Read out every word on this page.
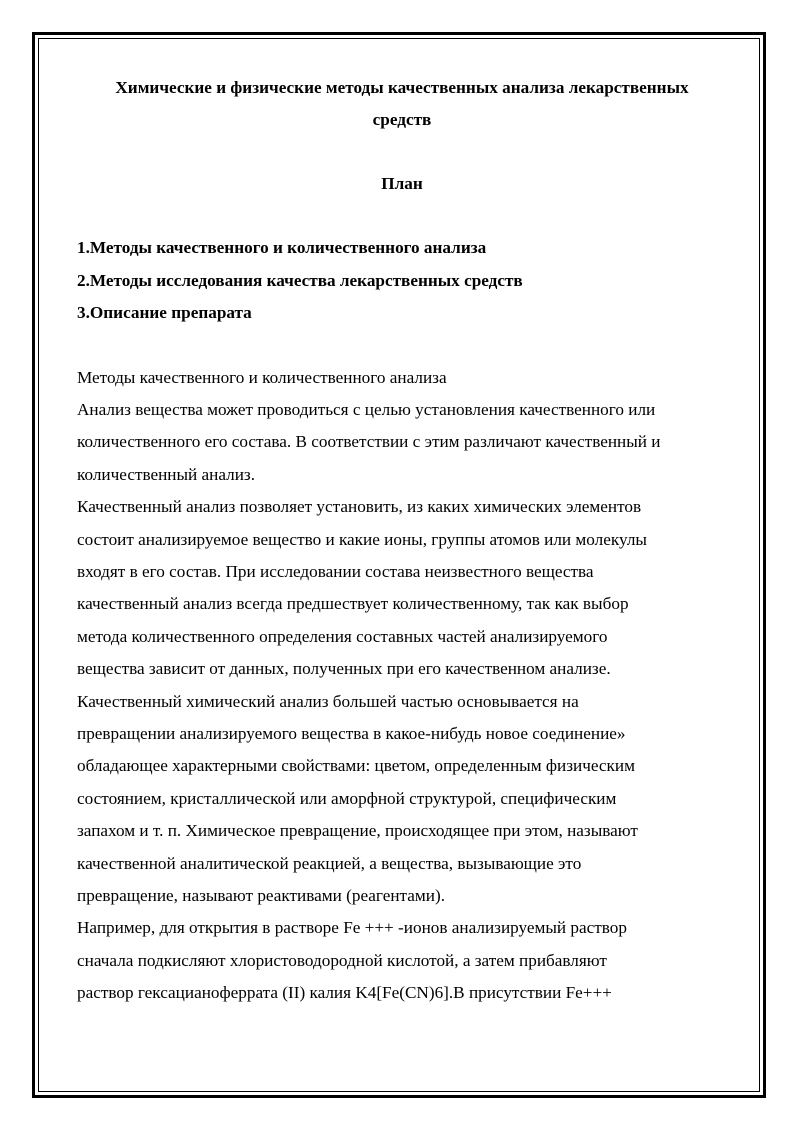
Химические и физические методы качественных анализа лекарственных
средств
План
1.Методы качественного и количественного анализа
2.Методы исследования качества лекарственных средств
3.Описание препарата
Методы качественного и количественного анализа
Анализ вещества может проводиться с целью установления качественного или
количественного его состава. В соответствии с этим различают качественный и
количественный анализ.
Качественный анализ позволяет установить, из каких химических элементов
состоит анализируемое вещество и какие ионы, группы атомов или молекулы
входят в его состав. При исследовании состава неизвестного вещества
качественный анализ всегда предшествует количественному, так как выбор
метода количественного определения составных частей анализируемого
вещества зависит от данных, полученных при его качественном анализе.
Качественный химический анализ большей частью основывается на
превращении анализируемого вещества в какое-нибудь новое соединение»
обладающее характерными свойствами: цветом, определенным физическим
состоянием, кристаллической или аморфной структурой, специфическим
запахом и т. п. Химическое превращение, происходящее при этом, называют
качественной аналитической реакцией, а вещества, вызывающие это
превращение, называют реактивами (реагентами).
Например, для открытия в растворе Fe +++ -ионов анализируемый раствор
сначала подкисляют хлористоводородной кислотой, а затем прибавляют
раствор гексацианоферрата (II) калия K4[Fe(CN)6].В присутствии Fe+++
